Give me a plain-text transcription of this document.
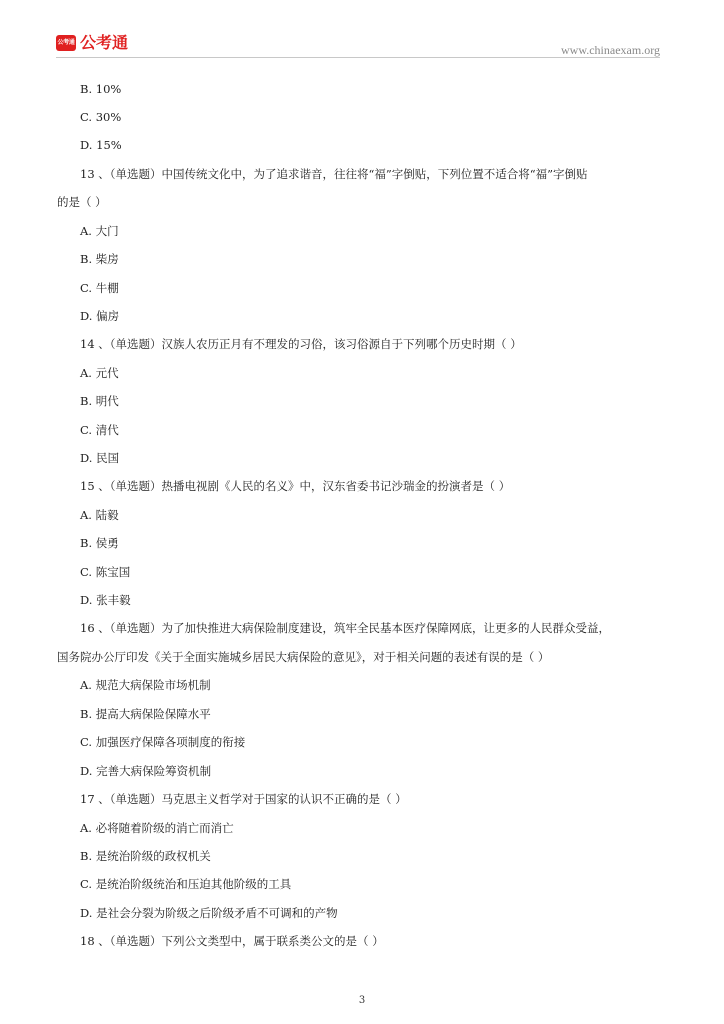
公考通 公考通	www.chinaexam.org
B. 10%
C. 30%
D. 15%
13 、（单选题）中国传统文化中，为了追求谐音，往往将“福”字倒贴，下列位置不适合将“福”字倒贴
的是（ ）
A. 大门
B. 柴房
C. 牛棚
D. 偏房
14 、（单选题）汉族人农历正月有不理发的习俗，该习俗源自于下列哪个历史时期（ ）
A. 元代
B. 明代
C. 清代
D. 民国
15 、（单选题）热播电视剧《人民的名义》中，汉东省委书记沙瑞金的扮演者是（ ）
A. 陆毅
B. 侯勇
C. 陈宝国
D. 张丰毅
16 、（单选题）为了加快推进大病保险制度建设，筑牢全民基本医疗保障网底，让更多的人民群众受益，
国务院办公厅印发《关于全面实施城乡居民大病保险的意见》，对于相关问题的表述有误的是（ ）
A. 规范大病保险市场机制
B. 提高大病保险保障水平
C. 加强医疗保障各项制度的衔接
D. 完善大病保险筹资机制
17 、（单选题）马克思主义哲学对于国家的认识不正确的是（ ）
A. 必将随着阶级的消亡而消亡
B. 是统治阶级的政权机关
C. 是统治阶级统治和压迫其他阶级的工具
D. 是社会分裂为阶级之后阶级矛盾不可调和的产物
18 、（单选题）下列公文类型中，属于联系类公文的是（ ）
3
